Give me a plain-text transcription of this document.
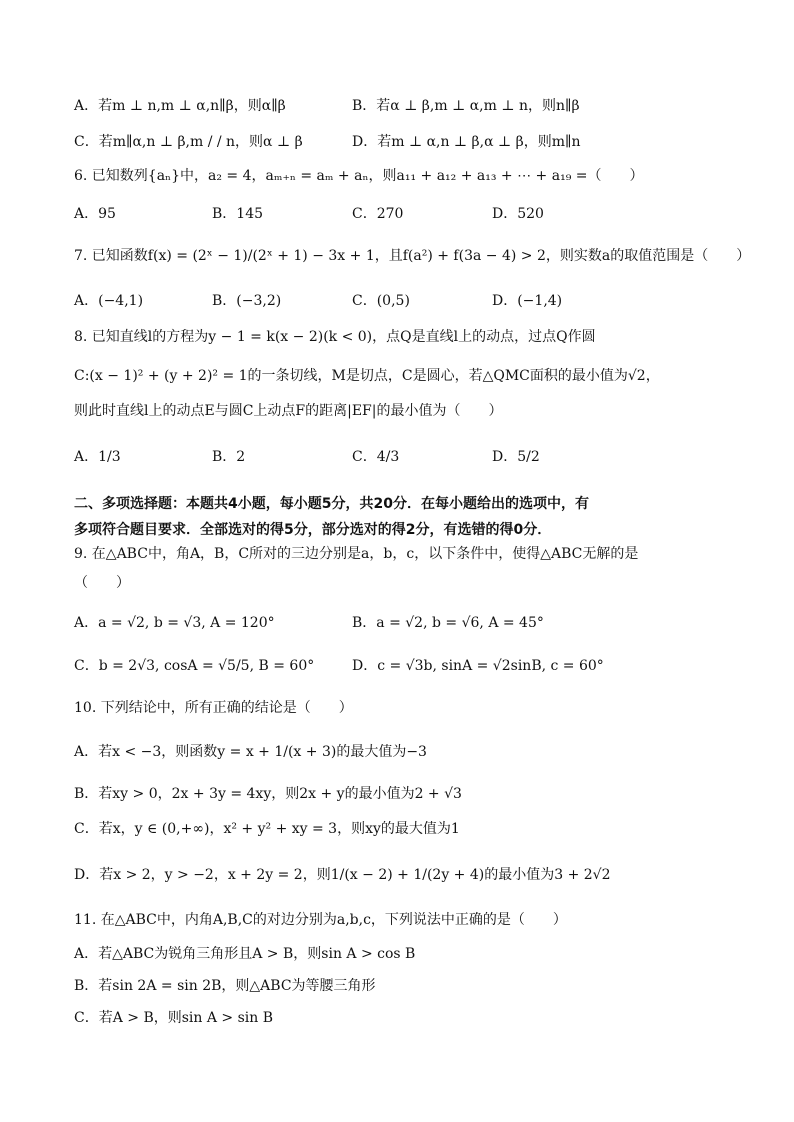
A．若m ⊥ n,m ⊥ α,n∥β，则α∥β	B．若α ⊥ β,m ⊥ α,m ⊥ n，则n∥β
C．若m∥α,n ⊥ β,m / / n，则α ⊥ β	D．若m ⊥ α,n ⊥ β,α ⊥ β，则m∥n
6. 已知数列{aₙ}中，a₂ = 4，aₘ₊ₙ = aₘ + aₙ，则a₁₁ + a₁₂ + a₁₃ + ⋯ + a₁₉ =（　　）
A．95	B．145	C．270	D．520
7. 已知函数f(x) = (2ˣ − 1)/(2ˣ + 1) − 3x + 1，且f(a²) + f(3a − 4) > 2，则实数a的取值范围是（　　）
A．(−4,1)	B．(−3,2)	C．(0,5)	D．(−1,4)
8. 已知直线l的方程为y − 1 = k(x − 2)(k < 0)，点Q是直线l上的动点，过点Q作圆
C:(x − 1)² + (y + 2)² = 1的一条切线，M是切点，C是圆心，若△QMC面积的最小值为√2，
则此时直线l上的动点E与圆C上动点F的距离|EF|的最小值为（　　）
A．1/3	B．2	C．4/3	D．5/2
二、多项选择题：本题共4小题，每小题5分，共20分．在每小题给出的选项中，有
多项符合题目要求．全部选对的得5分，部分选对的得2分，有选错的得0分．
9. 在△ABC中，角A，B，C所对的三边分别是a，b，c，以下条件中，使得△ABC无解的是
（　　）
A．a = √2, b = √3, A = 120°	B．a = √2, b = √6, A = 45°
C．b = 2√3, cosA = √5/5, B = 60°	D．c = √3b, sinA = √2sinB, c = 60°
10. 下列结论中，所有正确的结论是（　　）
A．若x < −3，则函数y = x + 1/(x + 3)的最大值为−3
B．若xy > 0，2x + 3y = 4xy，则2x + y的最小值为2 + √3
C．若x，y ∈ (0,+∞)，x² + y² + xy = 3，则xy的最大值为1
D．若x > 2，y > −2，x + 2y = 2，则1/(x − 2) + 1/(2y + 4)的最小值为3 + 2√2
11. 在△ABC中，内角A,B,C的对边分别为a,b,c，下列说法中正确的是（　　）
A．若△ABC为锐角三角形且A > B，则sin A > cos B
B．若sin 2A = sin 2B，则△ABC为等腰三角形
C．若A > B，则sin A > sin B
